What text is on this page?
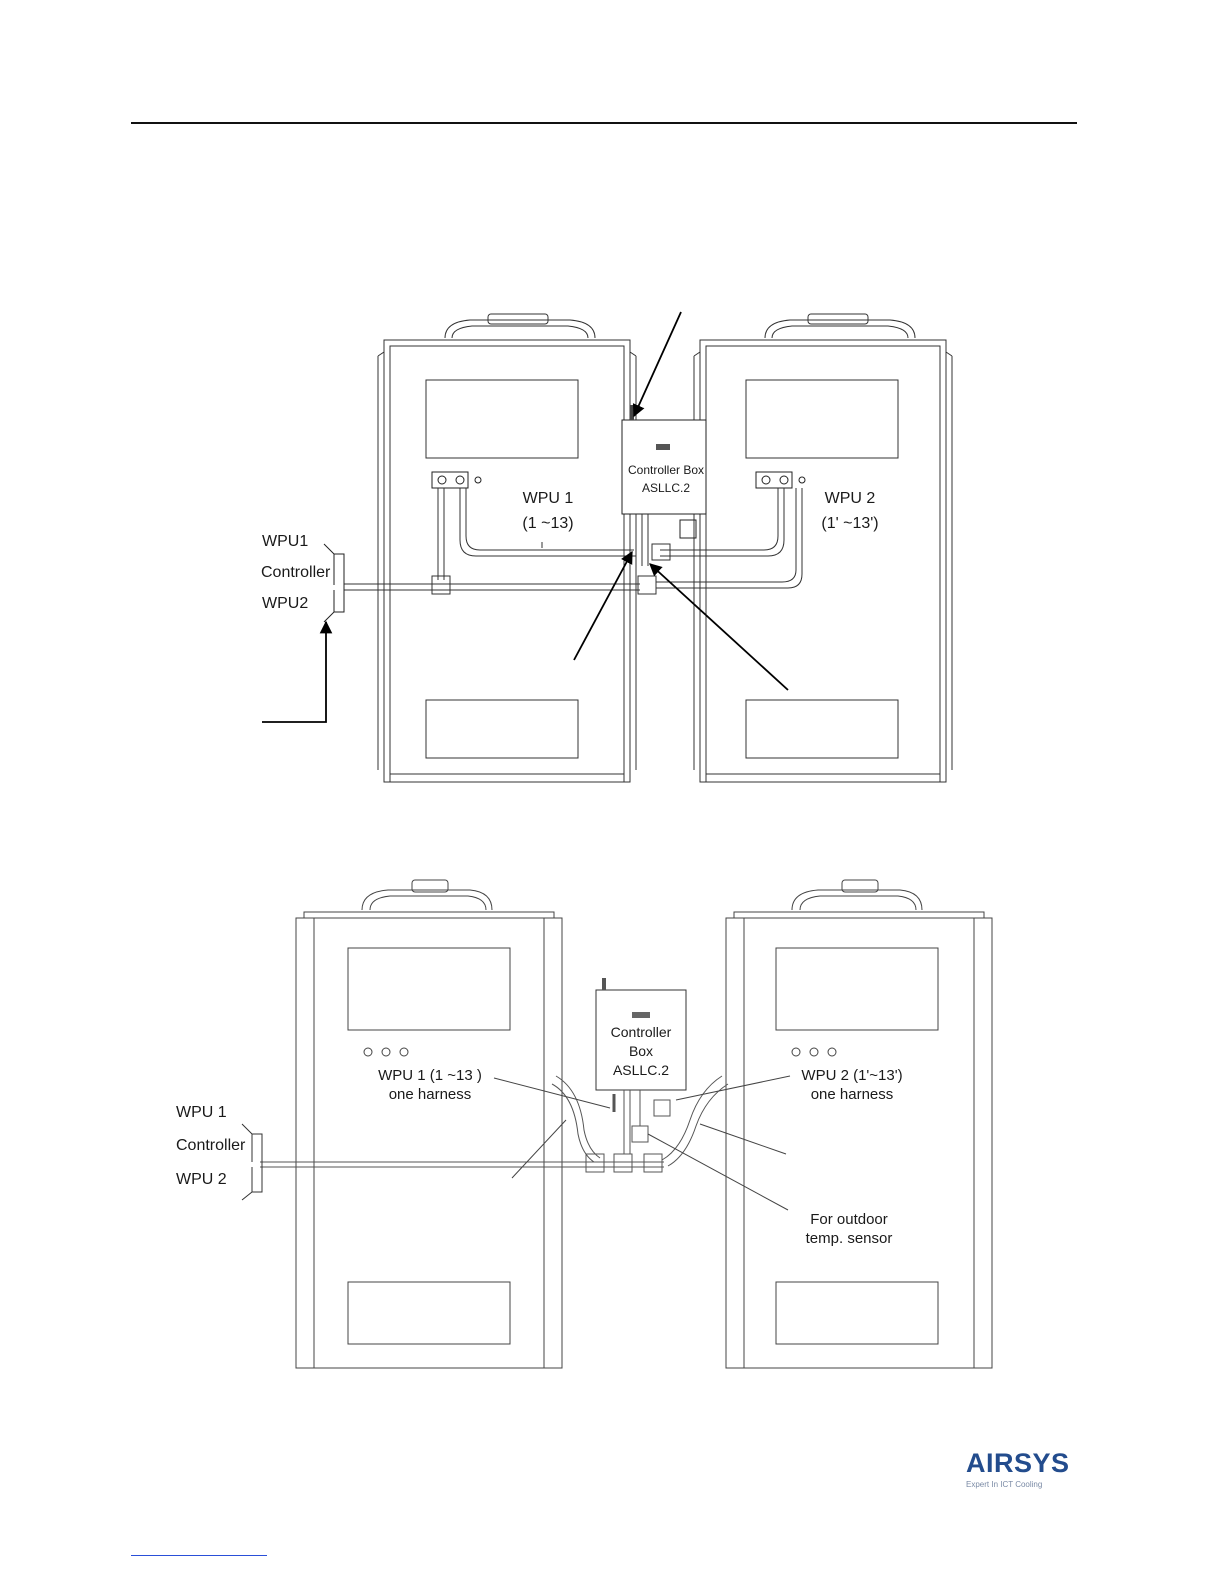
Controller Box
ASLLC.2
WPU1
Controller
WPU2
WPU 1
(1 ~13)
WPU 2
(1' ~13')
Controller
Box
ASLLC.2
WPU 1
Controller
WPU 2
WPU 1 (1 ~13 )
one harness
WPU 2 (1'~13')
one harness
For outdoor
temp. sensor
AIRSYS
Expert In ICT Cooling
